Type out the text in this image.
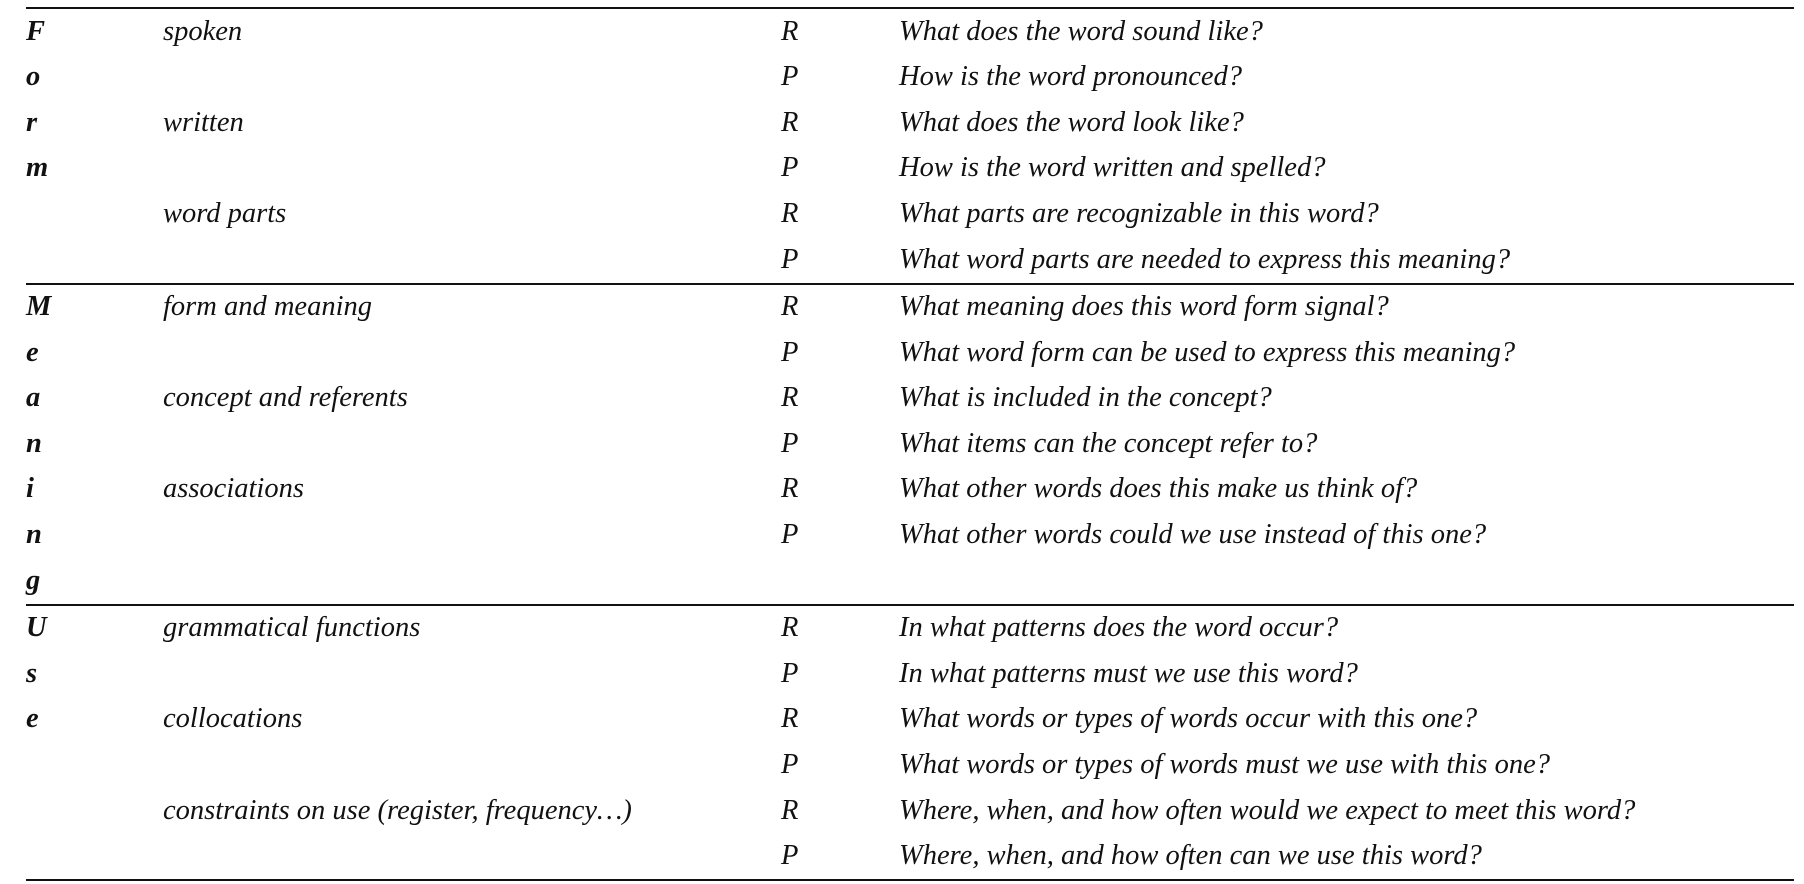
F	spoken	R	What does the word sound like?
o		P	How is the word pronounced?
r	written	R	What does the word look like?
m		P	How is the word written and spelled?
	word parts	R	What parts are recognizable in this word?
		P	What word parts are needed to express this meaning?
M	form and meaning	R	What meaning does this word form signal?
e		P	What word form can be used to express this meaning?
a	concept and referents	R	What is included in the concept?
n		P	What items can the concept refer to?
i	associations	R	What other words does this make us think of?
n		P	What other words could we use instead of this one?
g			
U	grammatical functions	R	In what patterns does the word occur?
s		P	In what patterns must we use this word?
e	collocations	R	What words or types of words occur with this one?
		P	What words or types of words must we use with this one?
	constraints on use (register, frequency…)	R	Where, when, and how often would we expect to meet this word?
		P	Where, when, and how often can we use this word?
